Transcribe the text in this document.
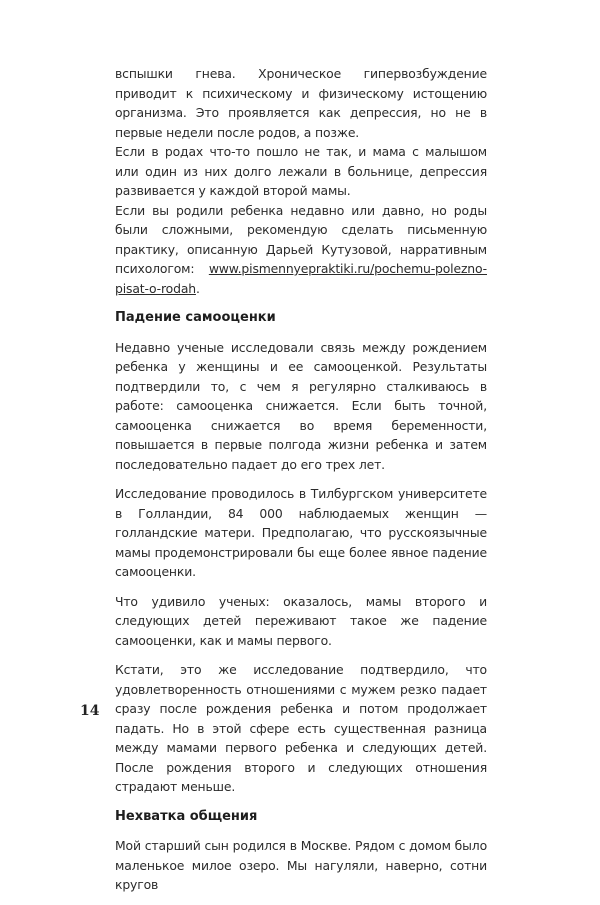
вспышки гнева. Хроническое гипервозбуждение приводит к психическому и физическому истощению организма. Это проявляется как депрессия, но не в первые недели после родов, а позже.

Если в родах что-то пошло не так, и мама с малышом или один из них долго лежали в больнице, депрессия развивается у каждой второй мамы.

Если вы родили ребенка недавно или давно, но роды были сложными, рекомендую сделать письменную практику, описанную Дарьей Кутузовой, нарративным психологом: www.pismennyepraktiki.ru/pochemu-polezno-pisat-o-rodah.

Падение самооценки

Недавно ученые исследовали связь между рождением ребенка у женщины и ее самооценкой. Результаты подтвердили то, с чем я регулярно сталкиваюсь в работе: самооценка снижается. Если быть точной, самооценка снижается во время беременности, повышается в первые полгода жизни ребенка и затем последовательно падает до его трех лет.

Исследование проводилось в Тилбургском университете в Голландии, 84 000 наблюдаемых женщин — голландские матери. Предполагаю, что русскоязычные мамы продемонстрировали бы еще более явное падение самооценки.

Что удивило ученых: оказалось, мамы второго и следующих детей переживают такое же падение самооценки, как и мамы первого.

Кстати, это же исследование подтвердило, что удовлетворенность отношениями с мужем резко падает сразу после рождения ребенка и потом продолжает падать. Но в этой сфере есть существенная разница между мамами первого ребенка и следующих детей. После рождения второго и следующих отношения страдают меньше.

Нехватка общения

Мой старший сын родился в Москве. Рядом с домом было маленькое милое озеро. Мы нагуляли, наверно, сотни кругов

14
